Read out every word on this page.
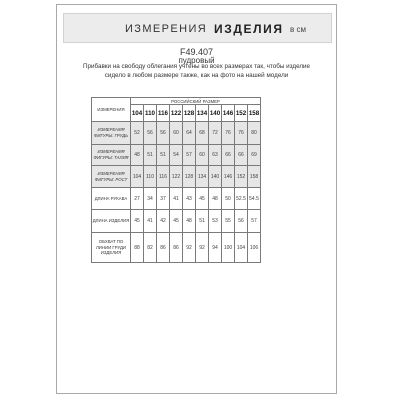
ИЗМЕРЕНИЯ ИЗДЕЛИЯ в см
F49.407
пудровый
Прибавки на свободу облегания учтены во всех размерах так, чтобы изделие сидело в любом размере также, как на фото на нашей модели
ИЗМЕРЕНИЯ	РОССИЙСКИЙ РАЗМЕР									
	104	110	116	122	128	134	140	146	152	158
ИЗМЕРЕНИЯ ФИГУРЫ: ГРУДЬ	52	56	56	60	64	68	72	76	76	80
ИЗМЕРЕНИЯ ФИГУРЫ: ТАЛИЯ	48	51	51	54	57	60	63	66	66	69
ИЗМЕРЕНИЯ ФИГУРЫ: РОСТ	104	110	116	122	128	134	140	146	152	158
ДЛИНА РУКАВА	27	34	37	41	43	45	48	50	52.5	54.5
ДЛИНА ИЗДЕЛИЯ	45	41	42	45	48	51	53	55	56	57
ОБХВАТ ПО ЛИНИИ ГРУДИ ИЗДЕЛИЯ	88	82	86	86	92	92	94	100	104	106
